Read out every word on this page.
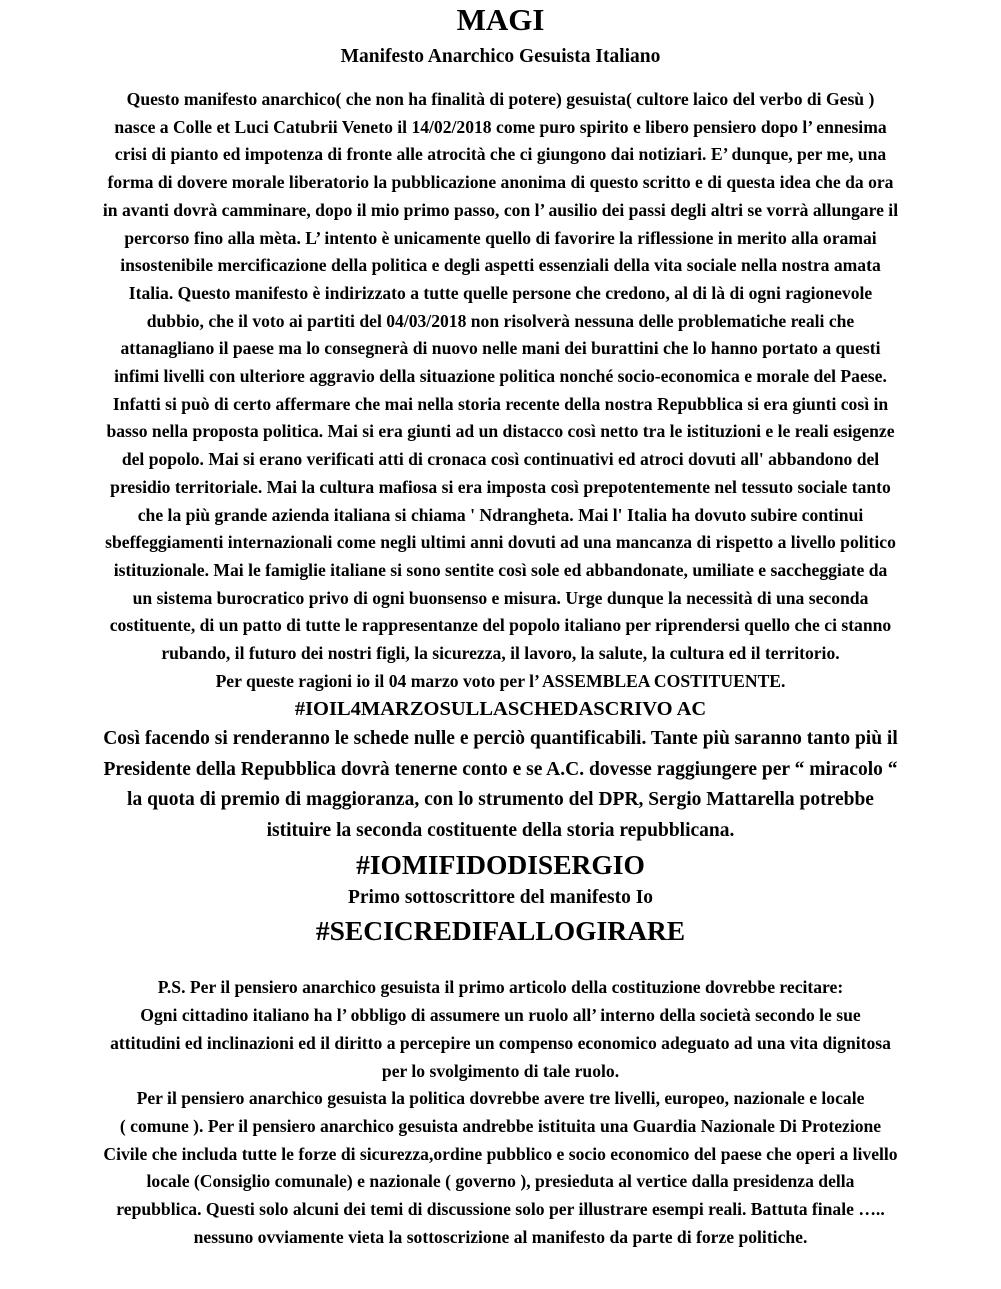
MAGI
Manifesto Anarchico Gesuista Italiano
Questo manifesto anarchico( che non ha finalità di potere) gesuista( cultore laico del verbo di Gesù )
nasce a Colle et Luci Catubrii Veneto il 14/02/2018 come puro spirito e libero pensiero dopo l’ ennesima
crisi di pianto ed impotenza di fronte alle atrocità che ci giungono dai notiziari. E’ dunque, per me, una
forma di dovere morale liberatorio la pubblicazione anonima di questo scritto e di questa idea che da ora
in avanti dovrà camminare, dopo il mio primo passo, con l’ ausilio dei passi degli altri se vorrà allungare il
percorso fino alla mèta. L’ intento è unicamente quello di favorire la riflessione in merito alla oramai
insostenibile mercificazione della politica e degli aspetti essenziali della vita sociale nella nostra amata
Italia. Questo manifesto è indirizzato a tutte quelle persone che credono, al di là di ogni ragionevole
dubbio, che il voto ai partiti del 04/03/2018 non risolverà nessuna delle problematiche reali che
attanagliano il paese ma lo consegnerà di nuovo nelle mani dei burattini che lo hanno portato a questi
infimi livelli con ulteriore aggravio della situazione politica nonché socio-economica e morale del Paese.
Infatti si può di certo affermare che mai nella storia recente della nostra Repubblica si era giunti così in
basso nella proposta politica. Mai si era giunti ad un distacco così netto tra le istituzioni e le reali esigenze
del popolo. Mai si erano verificati atti di cronaca così continuativi ed atroci dovuti all' abbandono del
presidio territoriale. Mai la cultura mafiosa si era imposta così prepotentemente nel tessuto sociale tanto
che la più grande azienda italiana si chiama ' Ndrangheta. Mai l' Italia ha dovuto subire continui
sbeffeggiamenti internazionali come negli ultimi anni dovuti ad una mancanza di rispetto a livello politico
istituzionale. Mai le famiglie italiane si sono sentite così sole ed abbandonate, umiliate e saccheggiate da
un sistema burocratico privo di ogni buonsenso e misura. Urge dunque la necessità di una seconda
costituente, di un patto di tutte le rappresentanze del popolo italiano per riprendersi quello che ci stanno
rubando, il futuro dei nostri figli, la sicurezza, il lavoro, la salute, la cultura ed il territorio.
Per queste ragioni io il 04 marzo voto per l’ ASSEMBLEA COSTITUENTE.
#IOIL4MARZOSULLASCHEDASCRIVO AC
Così facendo si renderanno le schede nulle e perciò quantificabili. Tante più saranno tanto più il
Presidente della Repubblica dovrà tenerne conto e se A.C. dovesse raggiungere per “ miracolo “
la quota di premio di maggioranza, con lo strumento del DPR, Sergio Mattarella potrebbe
istituire la seconda costituente della storia repubblicana.
#IOMIFIDODISERGIO
Primo sottoscrittore del manifesto Io
#SECICREDIFALLOGIRARE
P.S. Per il pensiero anarchico gesuista il primo articolo della costituzione dovrebbe recitare:
Ogni cittadino italiano ha l’ obbligo di assumere un ruolo all’ interno della società secondo le sue
attitudini ed inclinazioni ed il diritto a percepire un compenso economico adeguato ad una vita dignitosa
per lo svolgimento di tale ruolo.
Per il pensiero anarchico gesuista la politica dovrebbe avere tre livelli, europeo, nazionale e locale
( comune ). Per il pensiero anarchico gesuista andrebbe istituita una Guardia Nazionale Di Protezione
Civile che includa tutte le forze di sicurezza,ordine pubblico e socio economico del paese che operi a livello
locale (Consiglio comunale) e nazionale ( governo ), presieduta al vertice dalla presidenza della
repubblica. Questi solo alcuni dei temi di discussione solo per illustrare esempi reali. Battuta finale …..
nessuno ovviamente vieta la sottoscrizione al manifesto da parte di forze politiche.
